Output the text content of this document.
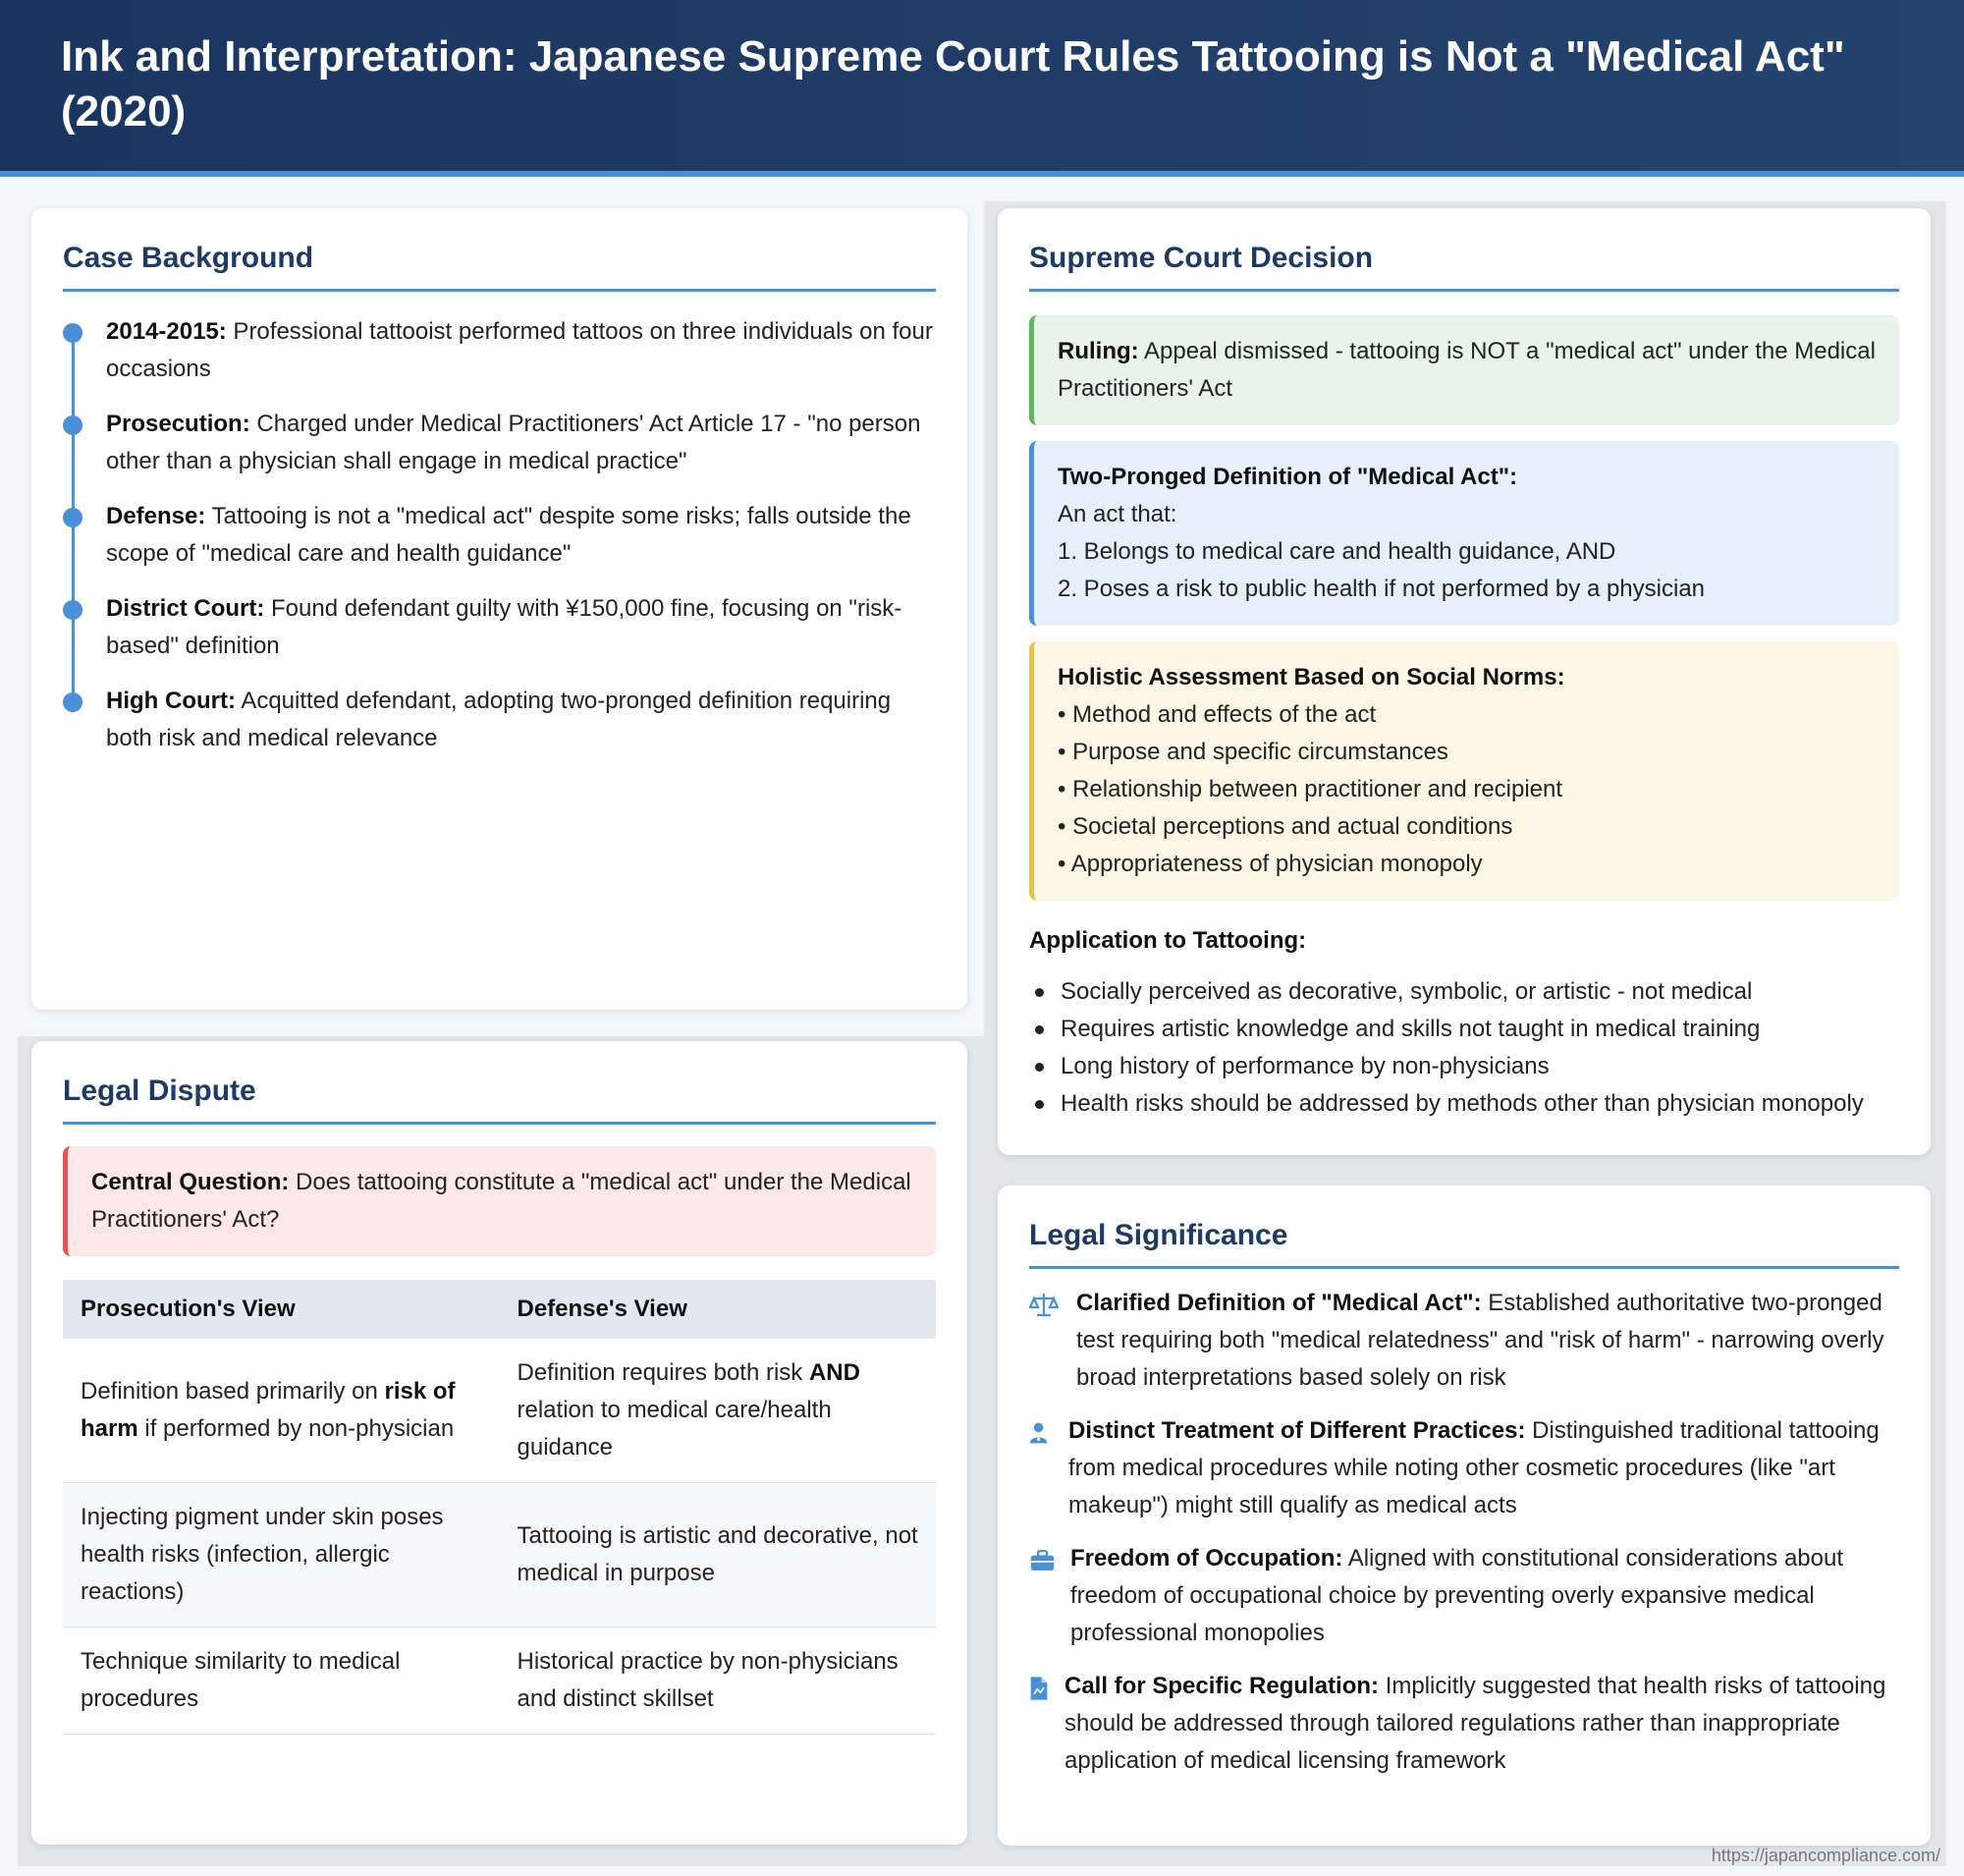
Ink and Interpretation: Japanese Supreme Court Rules Tattooing is Not a "Medical Act" (2020)
Case Background
2014-2015: Professional tattooist performed tattoos on three individuals on four occasions
Prosecution: Charged under Medical Practitioners' Act Article 17 - "no person other than a physician shall engage in medical practice"
Defense: Tattooing is not a "medical act" despite some risks; falls outside the scope of "medical care and health guidance"
District Court: Found defendant guilty with ¥150,000 fine, focusing on "risk-based" definition
High Court: Acquitted defendant, adopting two-pronged definition requiring both risk and medical relevance
Legal Dispute
Central Question: Does tattooing constitute a "medical act" under the Medical Practitioners' Act?
Prosecution's View	Defense's View
Definition based primarily on risk of harm if performed by non-physician	Definition requires both risk AND relation to medical care/health guidance
Injecting pigment under skin poses health risks (infection, allergic reactions)	Tattooing is artistic and decorative, not medical in purpose
Technique similarity to medical procedures	Historical practice by non-physicians and distinct skillset
Supreme Court Decision
Ruling: Appeal dismissed - tattooing is NOT a "medical act" under the Medical Practitioners' Act
Two-Pronged Definition of "Medical Act":
An act that:
1. Belongs to medical care and health guidance, AND
2. Poses a risk to public health if not performed by a physician
Holistic Assessment Based on Social Norms:
• Method and effects of the act
• Purpose and specific circumstances
• Relationship between practitioner and recipient
• Societal perceptions and actual conditions
• Appropriateness of physician monopoly
Application to Tattooing:
Socially perceived as decorative, symbolic, or artistic - not medical
Requires artistic knowledge and skills not taught in medical training
Long history of performance by non-physicians
Health risks should be addressed by methods other than physician monopoly
Legal Significance
Clarified Definition of "Medical Act": Established authoritative two-pronged test requiring both "medical relatedness" and "risk of harm" - narrowing overly broad interpretations based solely on risk
Distinct Treatment of Different Practices: Distinguished traditional tattooing from medical procedures while noting other cosmetic procedures (like "art makeup") might still qualify as medical acts
Freedom of Occupation: Aligned with constitutional considerations about freedom of occupational choice by preventing overly expansive medical professional monopolies
Call for Specific Regulation: Implicitly suggested that health risks of tattooing should be addressed through tailored regulations rather than inappropriate application of medical licensing framework
https://japancompliance.com/
